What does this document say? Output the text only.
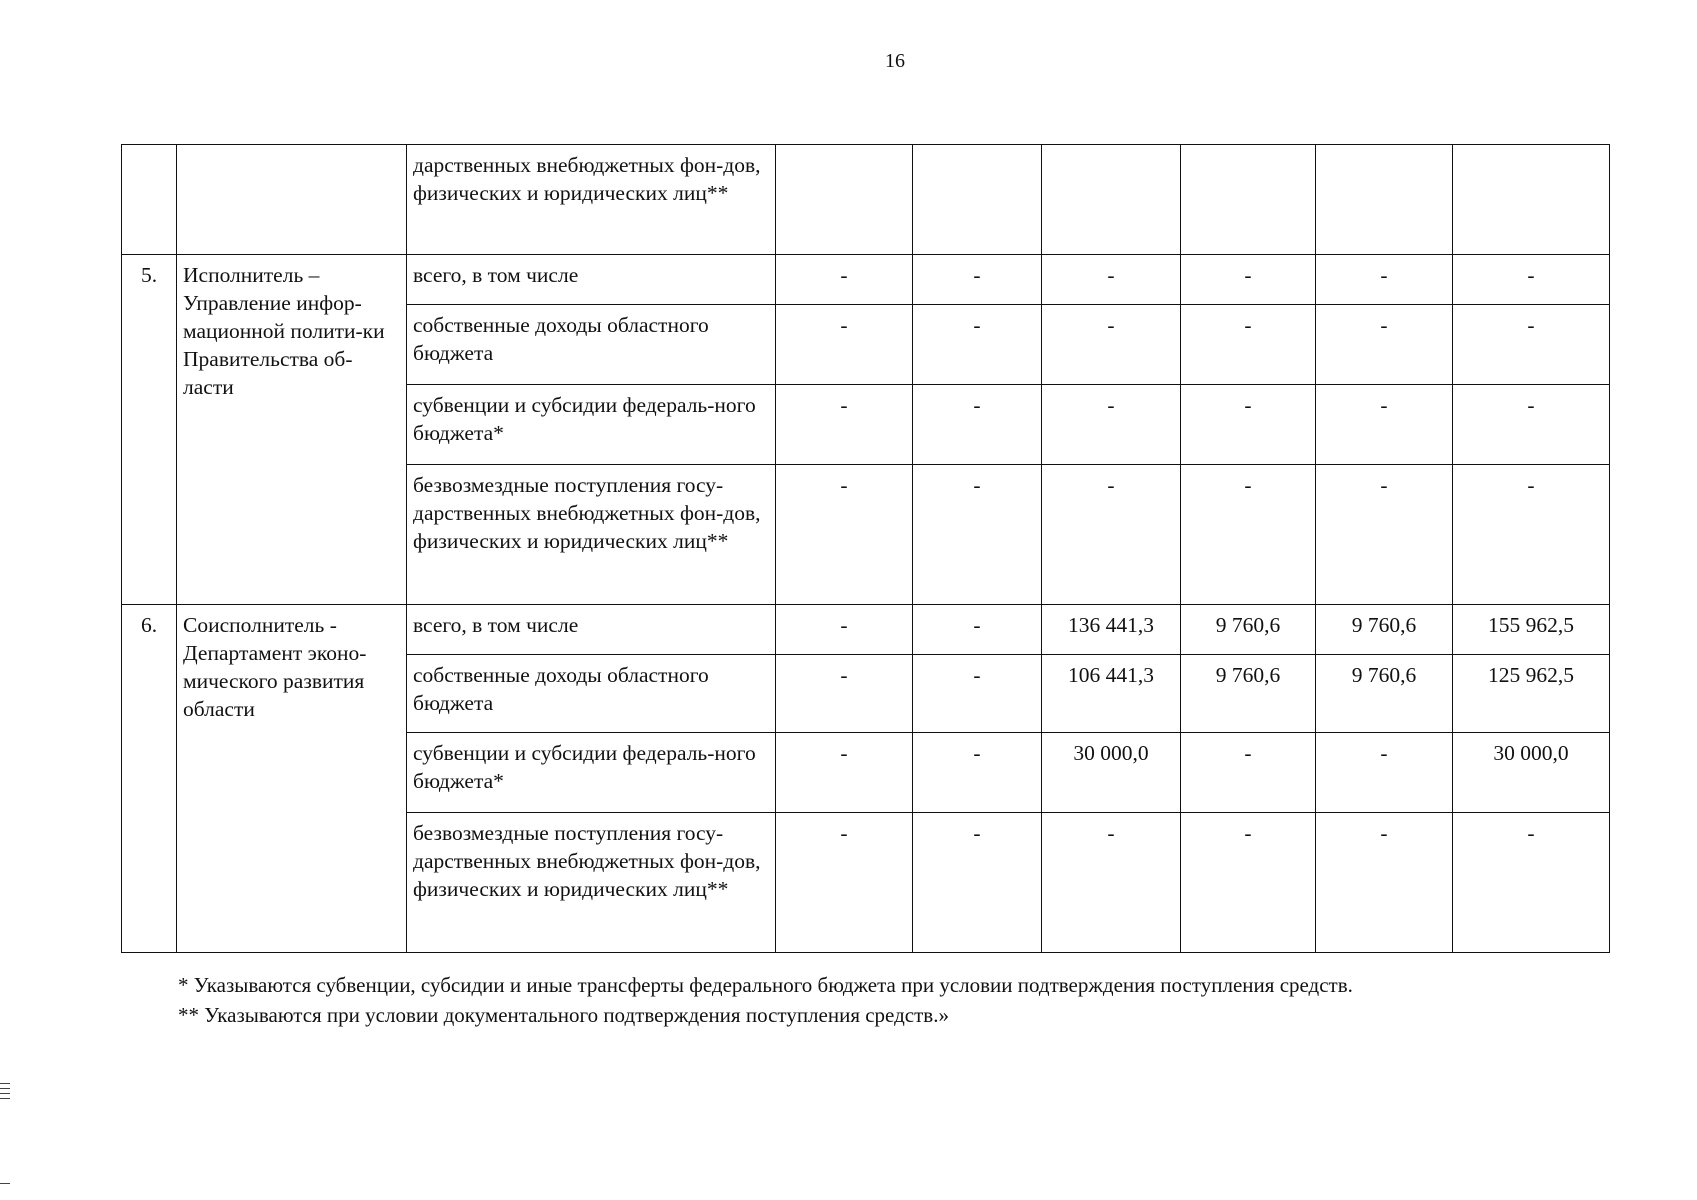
16
		дарственных внебюджетных фон-дов, физических и юридических лиц**						
5.	Исполнитель – Управление инфор-мационной полити-ки Правительства об-ласти	всего, в том числе	-	-	-	-	-	-
		собственные доходы областного бюджета	-	-	-	-	-	-
		субвенции и субсидии федераль-ного бюджета*	-	-	-	-	-	-
		безвозмездные поступления госу-дарственных внебюджетных фон-дов, физических и юридических лиц**	-	-	-	-	-	-
6.	Соисполнитель - Департамент эконо-мического развития области	всего, в том числе	-	-	136 441,3	9 760,6	9 760,6	155 962,5
		собственные доходы областного бюджета	-	-	106 441,3	9 760,6	9 760,6	125 962,5
		субвенции и субсидии федераль-ного бюджета*	-	-	30 000,0	-	-	30 000,0
		безвозмездные поступления госу-дарственных внебюджетных фон-дов, физических и юридических лиц**	-	-	-	-	-	-

* Указываются субвенции, субсидии и иные трансферты федерального бюджета при условии подтверждения поступления средств.

** Указываются при условии документального подтверждения поступления средств.»
